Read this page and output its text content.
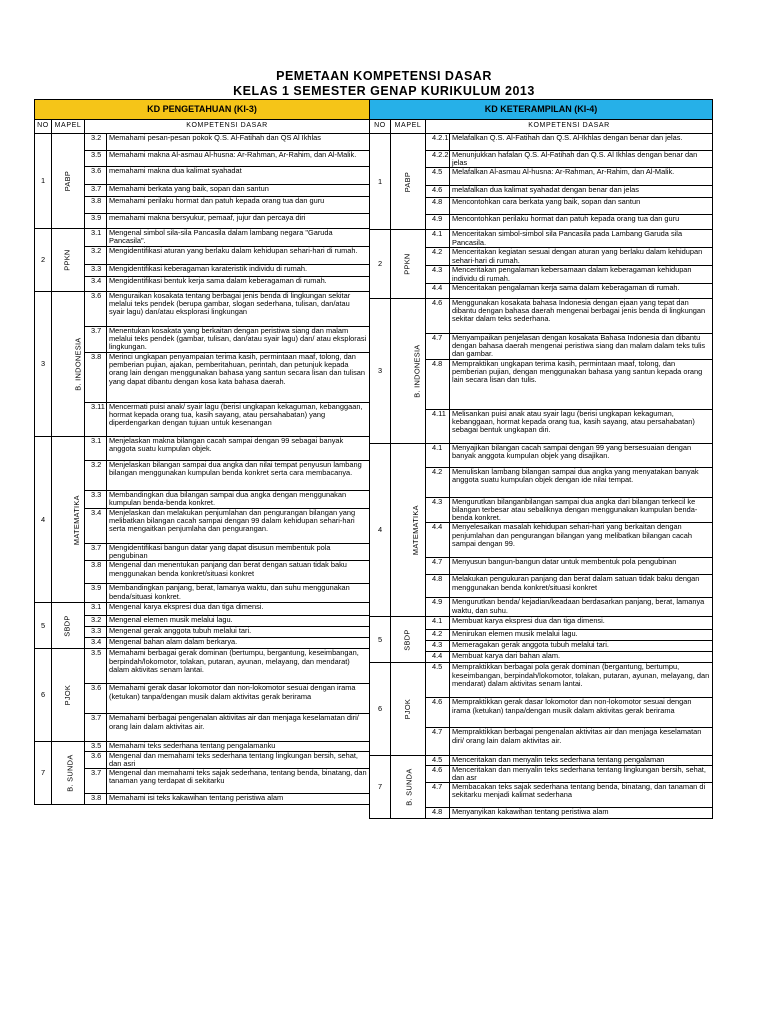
PEMETAAN KOMPETENSI DASAR
KELAS 1 SEMESTER GENAP KURIKULUM 2013
KD PENGETAHUAN (KI-3)			
NO	MAPEL	KOMPETENSI DASAR	
1	PABP	3.2	Memahami pesan-pesan pokok Q.S. Al-Fatihah dan QS Al Ikhlas
		3.5	Memahami makna Al-asmau Al-husna: Ar-Rahman, Ar-Rahim, dan Al-Malik.
		3.6	memahami makna dua kalimat syahadat
		3.7	Memahami berkata yang baik, sopan dan santun
		3.8	Memahami perilaku hormat dan patuh kepada orang tua dan guru
		3.9	memahami makna bersyukur, pemaaf, jujur dan percaya diri
2	PPKN	3.1	Mengenal simbol sila-sila Pancasila dalam lambang negara "Garuda Pancasila".
		3.2	Mengidentifikasi aturan yang berlaku dalam kehidupan sehari-hari di rumah.
		3.3	Mengidentifikasi keberagaman karateristik individu di rumah.
		3.4	Mengidentifikasi bentuk kerja sama dalam keberagaman di rumah.
3	B. INDONESIA	3.6	Menguraikan kosakata tentang berbagai jenis benda di lingkungan sekitar melalui teks pendek (berupa gambar, slogan sederhana, tulisan, dan/atau syair lagu) dan/atau eksplorasi lingkungan
		3.7	Menentukan kosakata yang berkaitan dengan peristiwa siang dan malam melalui teks pendek (gambar, tulisan, dan/atau syair lagu) dan/ atau eksplorasi lingkungan.
		3.8	Merinci ungkapan penyampaian terima kasih, permintaan maaf, tolong, dan pemberian pujian, ajakan, pemberitahuan, perintah, dan petunjuk kepada orang lain dengan menggunakan bahasa yang santun secara lisan dan tulisan yang dapat dibantu dengan kosa kata bahasa daerah.
		3.11	Mencermati puisi anak/ syair lagu (berisi ungkapan kekaguman, kebanggaan, hormat kepada orang tua, kasih sayang, atau persahabatan) yang diperdengarkan dengan tujuan untuk kesenangan
4	MATEMATIKA	3.1	Menjelaskan makna bilangan cacah sampai dengan 99 sebagai banyak anggota suatu kumpulan objek.
		3.2	Menjelaskan bilangan sampai dua angka dan nilai tempat penyusun lambang bilangan menggunakan kumpulan benda konkret serta cara membacanya.
		3.3	Membandingkan dua bilangan sampai dua angka dengan menggunakan kumpulan benda-benda konkret.
		3.4	Menjelaskan dan melakukan penjumlahan dan pengurangan bilangan yang melibatkan bilangan cacah sampai dengan 99 dalam kehidupan sehari-hari serta mengaitkan penjumlaha dan pengurangan.
		3.7	Mengidentifikasi bangun datar yang dapat disusun membentuk pola pengubinan
		3.8	Mengenal dan menentukan panjang dan berat dengan satuan tidak baku menggunakan benda konkret/situasi konkret
		3.9	Membandingkan panjang, berat, lamanya waktu, dan suhu menggunakan benda/situasi konkret.
5	SBDP	3.1	Mengenal karya ekspresi dua dan tiga dimensi.
		3.2	Mengenal elemen musik melalui lagu.
		3.3	Mengenal gerak anggota tubuh melalui tari.
		3.4	Mengenal bahan alam dalam berkarya.
6	PJOK	3.5	Memahami berbagai gerak dominan (bertumpu, bergantung, keseimbangan, berpindah/lokomotor, tolakan, putaran, ayunan, melayang, dan mendarat) dalam aktivitas senam lantai.
		3.6	Memahami gerak dasar lokomotor dan non-lokomotor sesuai dengan irama (ketukan) tanpa/dengan musik dalam aktivitas gerak berirama
		3.7	Memahami berbagai pengenalan aktivitas air dan menjaga keselamatan diri/ orang lain dalam aktivitas air.
7	B. SUNDA	3.5	Memahami teks sederhana tentang pengalamanku
		3.6	Mengenal dan memahami teks sederhana tentang lingkungan bersih, sehat, dan asri
		3.7	Mengenal dan memahami teks sajak sederhana, tentang benda, binatang, dan tanaman yang terdapat di sekitarku
		3.8	Memahami isi teks kakawihan tentang peristiwa alam
KD KETERAMPILAN (KI-4)			
NO	MAPEL	KOMPETENSI DASAR	
1	PABP	4.2.1	Melafalkan Q.S. Al-Fatihah dan Q.S. Al-Ikhlas dengan benar dan jelas.
		4.2.2	Menunjukkan hafalan Q.S. Al-Fatihah dan Q.S. Al Ikhlas dengan benar dan jelas
		4.5	Melafalkan Al-asmau Al-husna: Ar-Rahman, Ar-Rahim, dan Al-Malik.
		4.6	melafalkan dua kalimat syahadat dengan benar dan jelas
		4.8	Mencontohkan cara berkata yang baik, sopan dan santun
		4.9	Mencontohkan perilaku hormat dan patuh kepada orang tua dan guru
2	PPKN	4.1	Menceritakan simbol-simbol sila Pancasila pada Lambang Garuda sila Pancasila.
		4.2	Menceritakan kegiatan sesuai dengan aturan yang berlaku dalam kehidupan sehari-hari di rumah.
		4.3	Menceritakan pengalaman kebersamaan dalam keberagaman kehidupan individu di rumah.
		4.4	Menceritakan pengalaman kerja sama dalam keberagaman di rumah.
3	B. INDONESIA	4.6	Menggunakan kosakata bahasa Indonesia dengan ejaan yang tepat dan dibantu dengan bahasa daerah mengenai berbagai jenis benda di lingkungan sekitar dalam teks sederhana.
		4.7	Menyampaikan penjelasan dengan kosakata Bahasa Indonesia dan dibantu dengan bahasa daerah mengenai peristiwa siang dan malam dalam teks tulis dan gambar.
		4.8	Mempraktikan ungkapan terima kasih, permintaan maaf, tolong, dan pemberian pujian, dengan menggunakan bahasa yang santun kepada orang lain secara lisan dan tulis.
		4.11	Melisankan puisi anak atau syair lagu (berisi ungkapan kekaguman, kebanggaan, hormat kepada orang tua, kasih sayang, atau persahabatan) sebagai bentuk ungkapan diri.
4	MATEMATIKA	4.1	Menyajikan bilangan cacah sampai dengan 99 yang bersesuaian dengan banyak anggota kumpulan objek yang disajikan.
		4.2	Menuliskan lambang bilangan sampai dua angka yang menyatakan banyak anggota suatu kumpulan objek dengan ide nilai tempat.
		4.3	Mengurutkan bilanganbilangan sampai dua angka dari bilangan terkecil ke bilangan terbesar atau sebaliknya dengan menggunakan kumpulan benda-benda konkret.
		4.4	Menyelesaikan masalah kehidupan sehari-hari yang berkaitan dengan penjumlahan dan pengurangan bilangan yang melibatkan bilangan cacah sampai dengan 99.
		4.7	Menyusun bangun-bangun datar untuk membentuk pola pengubinan
		4.8	Melakukan pengukuran panjang dan berat dalam satuan tidak baku dengan menggunakan benda konkret/situasi konkret
		4.9	Mengurutkan benda/ kejadian/keadaan berdasarkan panjang, berat, lamanya waktu, dan suhu.
5	SBDP	4.1	Membuat karya ekspresi dua dan tiga dimensi.
		4.2	Menirukan elemen musik melalui lagu.
		4.3	Memeragakan gerak anggota tubuh melalui tari.
		4.4	Membuat karya dari bahan alam.
6	PJOK	4.5	Mempraktikkan berbagai pola gerak dominan (bergantung, bertumpu, keseimbangan, berpindah/lokomotor, tolakan, putaran, ayunan, melayang, dan mendarat) dalam aktivitas senam lantai.
		4.6	Mempraktikkan gerak dasar lokomotor dan non-lokomotor sesuai dengan irama (ketukan) tanpa/dengan musik dalam aktivitas gerak berirama
		4.7	Mempraktikkan berbagai pengenalan aktivitas air dan menjaga keselamatan diri/ orang lain dalam aktivitas air.
7	B. SUNDA	4.5	Menceritakan dan menyalin teks sederhana tentang pengalaman
		4.6	Menceritakan dan menyalin teks sederhana tentang lingkungan bersih, sehat, dan asr
		4.7	Membacakan teks sajak sederhana tentang benda, binatang, dan tanaman di sekitarku menjadi kalimat sederhana
		4.8	Menyanyikan kakawihan tentang peristiwa alam
